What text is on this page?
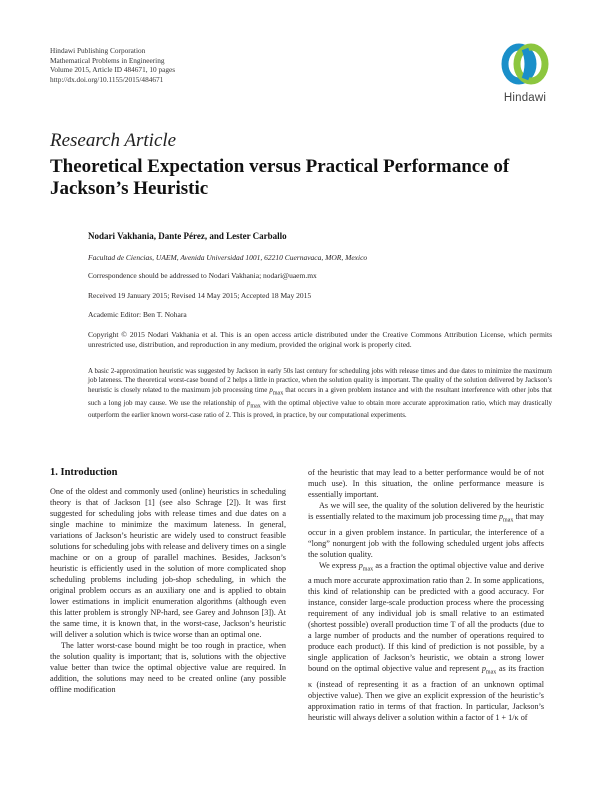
Hindawi Publishing Corporation
Mathematical Problems in Engineering
Volume 2015, Article ID 484671, 10 pages
http://dx.doi.org/10.1155/2015/484671
Hindawi
Research Article
Theoretical Expectation versus Practical Performance of Jackson’s Heuristic
Nodari Vakhania, Dante Pérez, and Lester Carballo
Facultad de Ciencias, UAEM, Avenida Universidad 1001, 62210 Cuernavaca, MOR, Mexico
Correspondence should be addressed to Nodari Vakhania; nodari@uaem.mx
Received 19 January 2015; Revised 14 May 2015; Accepted 18 May 2015
Academic Editor: Ben T. Nohara
Copyright © 2015 Nodari Vakhania et al. This is an open access article distributed under the Creative Commons Attribution License, which permits unrestricted use, distribution, and reproduction in any medium, provided the original work is properly cited.
A basic 2-approximation heuristic was suggested by Jackson in early 50s last century for scheduling jobs with release times and due dates to minimize the maximum job lateness. The theoretical worst-case bound of 2 helps a little in practice, when the solution quality is important. The quality of the solution delivered by Jackson’s heuristic is closely related to the maximum job processing time $p_{max}$ that occurs in a given problem instance and with the resultant interference with other jobs that such a long job may cause. We use the relationship of $p_{max}$ with the optimal objective value to obtain more accurate approximation ratio, which may drastically outperform the earlier known worst-case ratio of 2. This is proved, in practice, by our computational experiments.
1. Introduction

One of the oldest and commonly used (online) heuristics in scheduling theory is that of Jackson [1] (see also Schrage [2]). It was first suggested for scheduling jobs with release times and due dates on a single machine to minimize the maximum lateness. In general, variations of Jackson’s heuristic are widely used to construct feasible solutions for scheduling jobs with release and delivery times on a single machine or on a group of parallel machines. Besides, Jackson’s heuristic is efficiently used in the solution of more complicated shop scheduling problems including job-shop scheduling, in which the original problem occurs as an auxiliary one and is applied to obtain lower estimations in implicit enumeration algorithms (although even this latter problem is strongly NP-hard, see Garey and Johnson [3]). At the same time, it is known that, in the worst-case, Jackson’s heuristic will deliver a solution which is twice worse than an optimal one.

The latter worst-case bound might be too rough in practice, when the solution quality is important; that is, solutions with the objective value better than twice the optimal objective value are required. In addition, the solutions may need to be created online (any possible offline modification

of the heuristic that may lead to a better performance would be of not much use). In this situation, the online performance measure is essentially important.

As we will see, the quality of the solution delivered by the heuristic is essentially related to the maximum job processing time $p_{max}$ that may occur in a given problem instance. In particular, the interference of a “long” nonurgent job with the following scheduled urgent jobs affects the solution quality.

We express $p_{max}$ as a fraction the optimal objective value and derive a much more accurate approximation ratio than 2. In some applications, this kind of relationship can be predicted with a good accuracy. For instance, consider large-scale production process where the processing requirement of any individual job is small relative to an estimated (shortest possible) overall production time T of all the products (due to a large number of products and the number of operations required to produce each product). If this kind of prediction is not possible, by a single application of Jackson’s heuristic, we obtain a strong lower bound on the optimal objective value and represent $p_{max}$ as its fraction κ (instead of representing it as a fraction of an unknown optimal objective value). Then we give an explicit expression of the heuristic’s approximation ratio in terms of that fraction. In particular, Jackson’s heuristic will always deliver a solution within a factor of 1 + 1/κ of
